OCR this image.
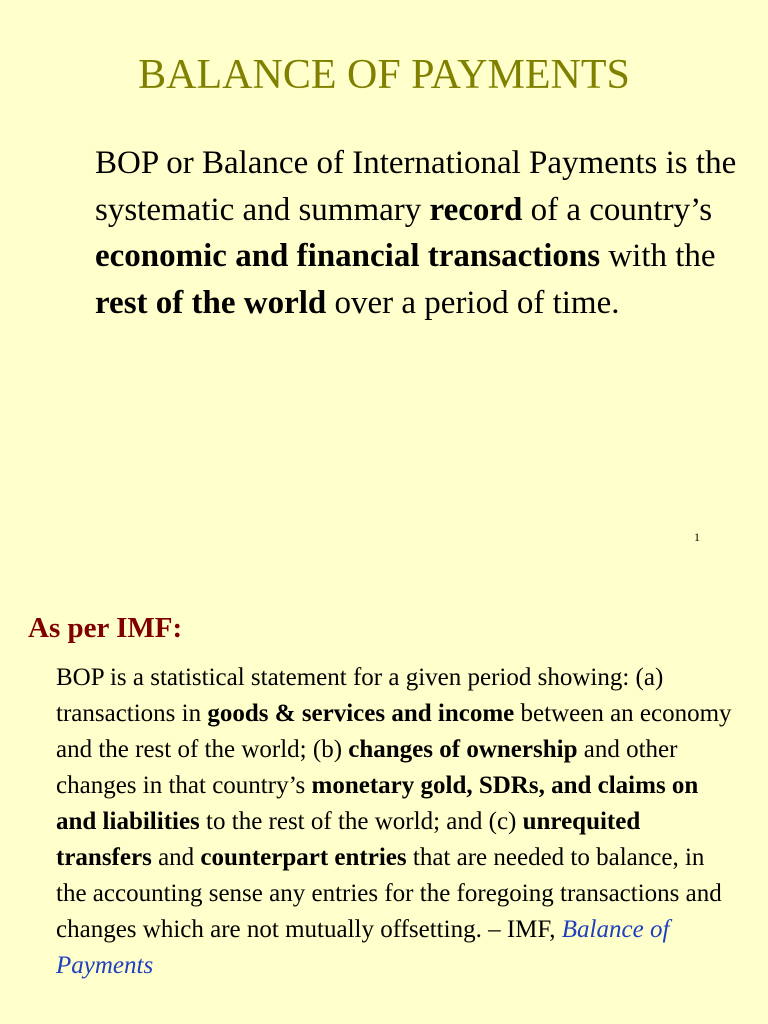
BALANCE OF PAYMENTS

BOP or Balance of International Payments is the systematic and summary record of a country’s economic and financial transactions with the rest of the world over a period of time.

1
As per IMF:

BOP is a statistical statement for a given period showing: (a) transactions in goods & services and income between an economy and the rest of the world; (b) changes of ownership and other changes in that country’s monetary gold, SDRs, and claims on and liabilities to the rest of the world; and (c) unrequited transfers and counterpart entries that are needed to balance, in the accounting sense any entries for the foregoing transactions and changes which are not mutually offsetting. – IMF, Balance of Payments
